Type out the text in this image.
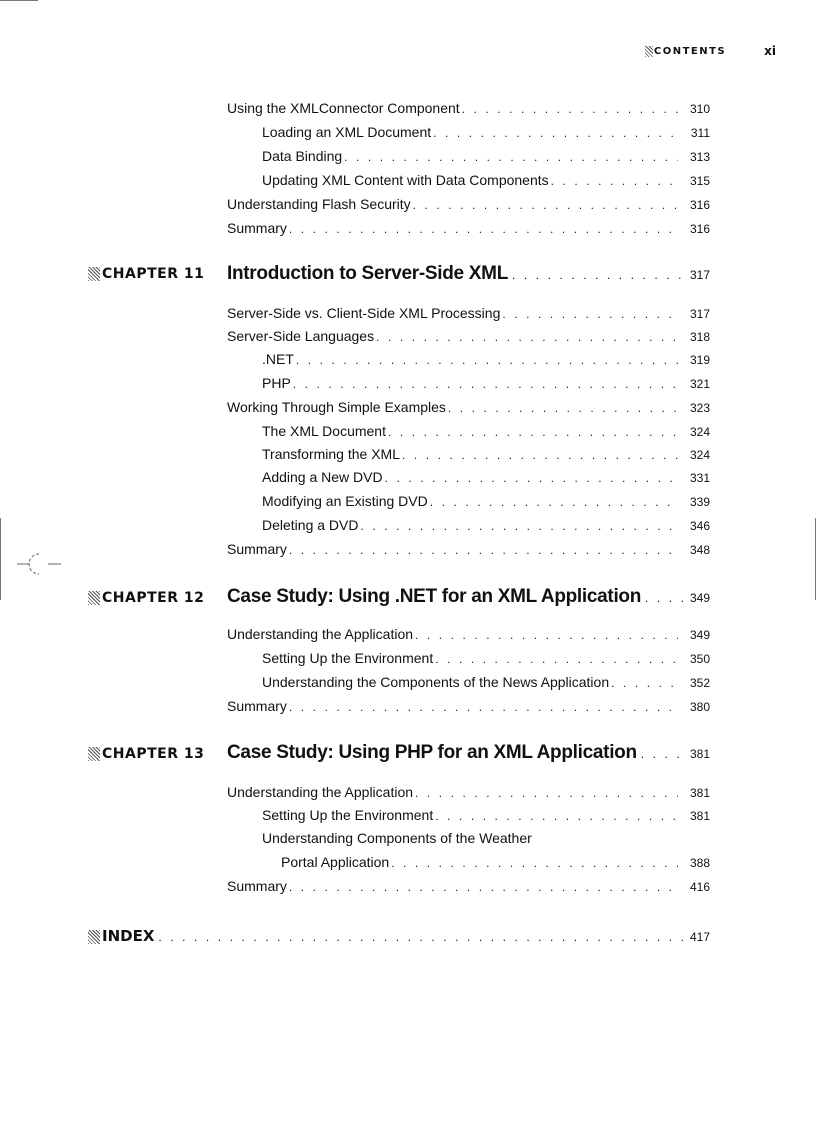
CONTENTS	xi
Using the XMLConnector Component . . .	310
Loading an XML Document . . .	311
Data Binding . . .	313
Updating XML Content with Data Components . . .	315
Understanding Flash Security . . .	316
Summary . . .	316
CHAPTER 11	Introduction to Server-Side XML . . .	317
Server-Side vs. Client-Side XML Processing . . .	317
Server-Side Languages . . .	318
.NET . . .	319
PHP . . .	321
Working Through Simple Examples . . .	323
The XML Document . . .	324
Transforming the XML . . .	324
Adding a New DVD . . .	331
Modifying an Existing DVD . . .	339
Deleting a DVD . . .	346
Summary . . .	348
CHAPTER 12	Case Study: Using .NET for an XML Application . . .	349
Understanding the Application . . .	349
Setting Up the Environment . . .	350
Understanding the Components of the News Application . . .	352
Summary . . .	380
CHAPTER 13	Case Study: Using PHP for an XML Application . . .	381
Understanding the Application . . .	381
Setting Up the Environment . . .	381
Understanding Components of the Weather
Portal Application . . .	388
Summary . . .	416
INDEX . . .	417
